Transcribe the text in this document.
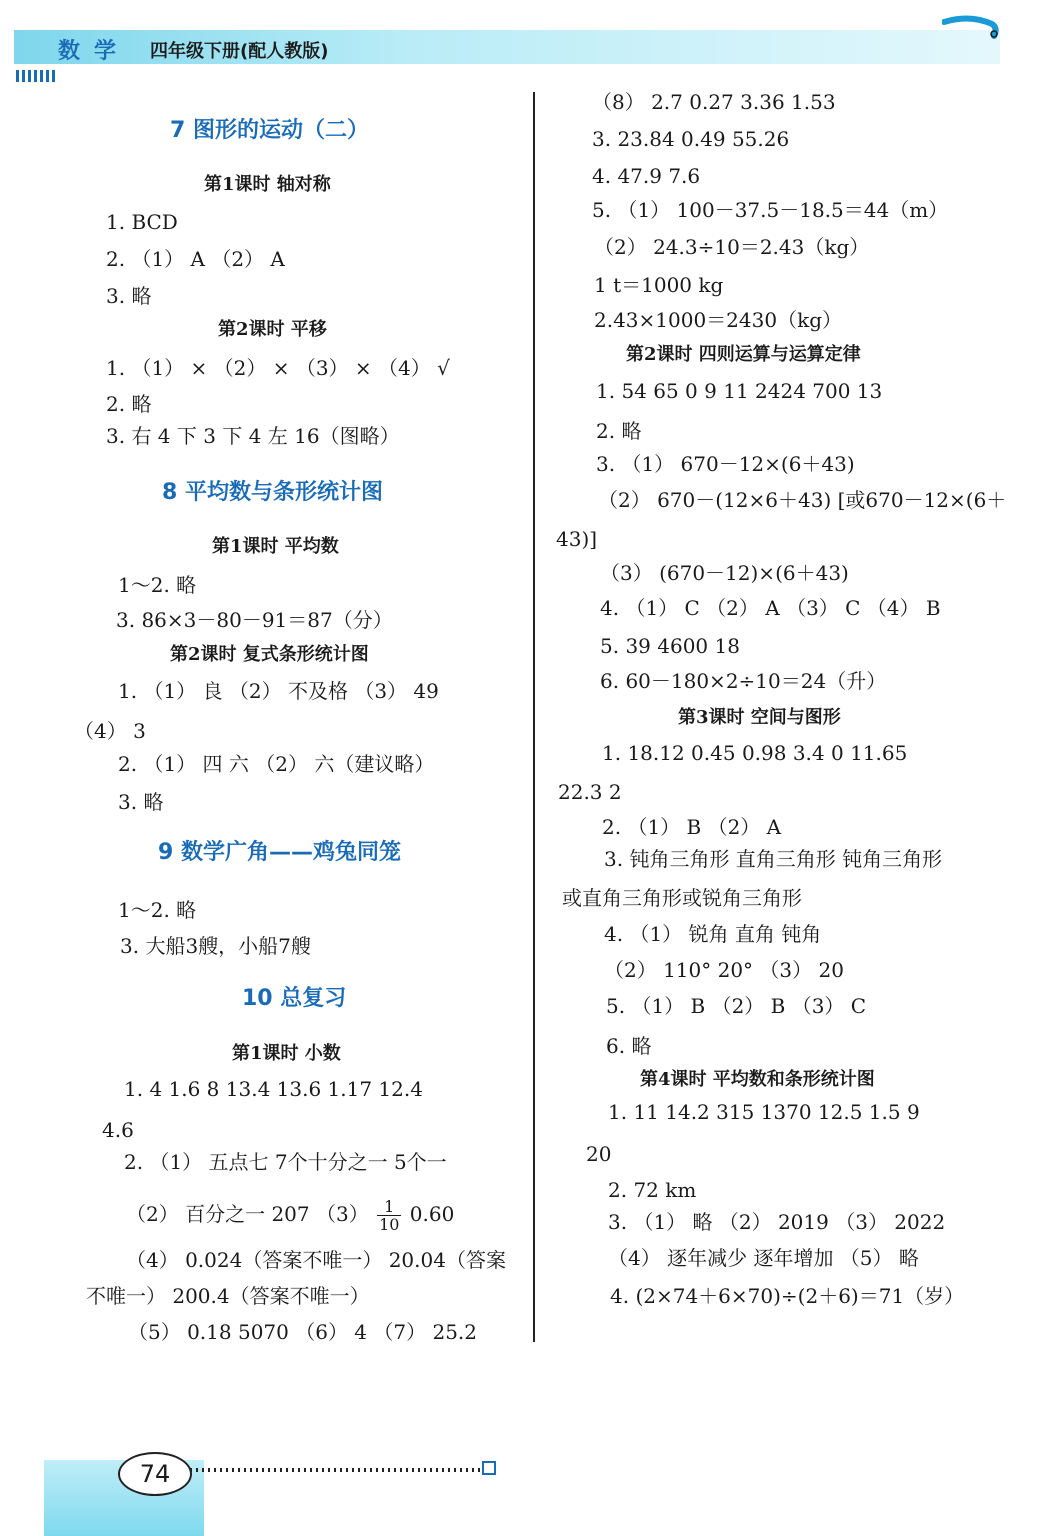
数学 四年级下册(配人教版)
7 图形的运动（二）
第1课时 轴对称
1. BCD
2. （1） A （2） A
3. 略
第2课时 平移
1. （1） × （2） × （3） × （4） √
2. 略
3. 右 4 下 3 下 4 左 16（图略）
8 平均数与条形统计图
第1课时 平均数
1～2. 略
3. 86×3－80－91＝87（分）
第2课时 复式条形统计图
1. （1） 良 （2） 不及格 （3） 49
（4） 3
2. （1） 四 六 （2） 六（建议略）
3. 略
9 数学广角——鸡兔同笼
1～2. 略
3. 大船3艘，小船7艘
10 总复习
第1课时 小数
1. 4 1.6 8 13.4 13.6 1.17 12.4
4.6
2. （1） 五点七 7个十分之一 5个一
（2） 百分之一 207 $(3) \frac{1}{10} 0.60$
（4） 0.024（答案不唯一） 20.04（答案
不唯一） 200.4（答案不唯一）
（5） 0.18 5070 （6） 4 （7） 25.2
（8） 2.7 0.27 3.36 1.53
3. 23.84 0.49 55.26
4. 47.9 7.6
5. （1） 100－37.5－18.5＝44（m）
（2） 24.3÷10＝2.43（kg）
1 t＝1000 kg
2.43×1000＝2430（kg）
第2课时 四则运算与运算定律
1. 54 65 0 9 11 2424 700 13
2. 略
3. （1） 670－12×(6＋43)
（2） 670－(12×6＋43) [或670－12×(6＋
43)]
（3） (670－12)×(6＋43)
4. （1） C （2） A （3） C （4） B
5. 39 4600 18
6. 60－180×2÷10＝24（升）
第3课时 空间与图形
1. 18.12 0.45 0.98 3.4 0 11.65
22.3 2
2. （1） B （2） A
3. 钝角三角形 直角三角形 钝角三角形
或直角三角形或锐角三角形
4. （1） 锐角 直角 钝角
（2） 110° 20° （3） 20
5. （1） B （2） B （3） C
6. 略
第4课时 平均数和条形统计图
1. 11 14.2 315 1370 12.5 1.5 9
20
2. 72 km
3. （1） 略 （2） 2019 （3） 2022
（4） 逐年减少 逐年增加 （5） 略
4. (2×74＋6×70)÷(2＋6)＝71（岁）
74
